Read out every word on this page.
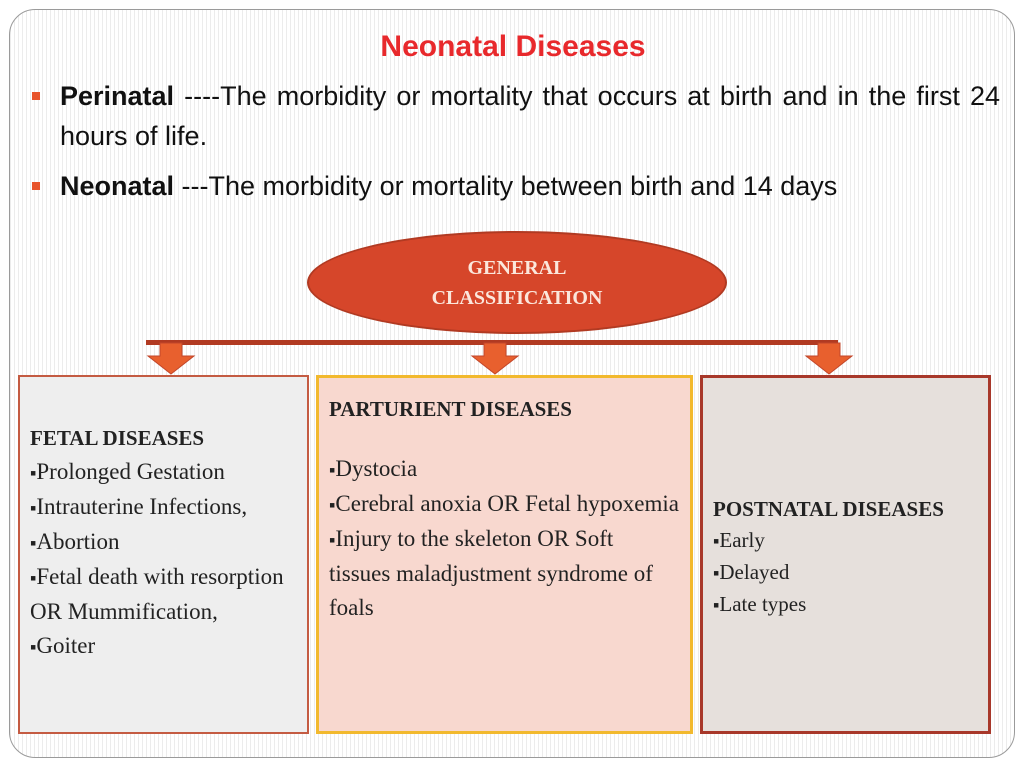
Neonatal Diseases
Perinatal ----The morbidity or mortality that occurs at birth and in the first 24 hours of life.
Neonatal ---The morbidity or mortality between birth and 14 days
GENERAL
CLASSIFICATION
FETAL DISEASES
▪ Prolonged Gestation
▪ Intrauterine Infections,
▪ Abortion
▪ Fetal death with resorption OR Mummification,
▪ Goiter
PARTURIENT DISEASES
▪ Dystocia
▪ Cerebral anoxia OR Fetal hypoxemia
▪ Injury to the skeleton OR Soft tissues maladjustment syndrome of foals
POSTNATAL DISEASES
▪ Early
▪ Delayed
▪ Late types
